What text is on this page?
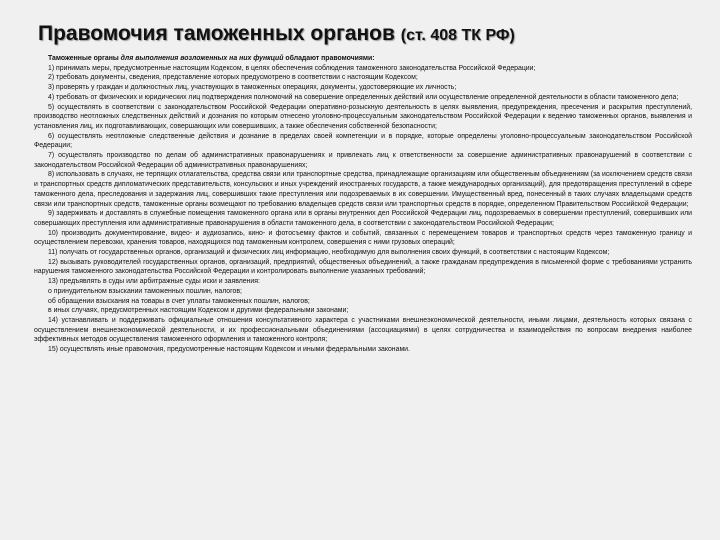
Правомочия таможенных органов (ст. 408 ТК РФ)

Таможенные органы для выполнения возложенных на них функций обладают правомочиями:

1) принимать меры, предусмотренные настоящим Кодексом, в целях обеспечения соблюдения таможенного законодательства Российской Федерации;

2) требовать документы, сведения, представление которых предусмотрено в соответствии с настоящим Кодексом;

3) проверять у граждан и должностных лиц, участвующих в таможенных операциях, документы, удостоверяющие их личность;

4) требовать от физических и юридических лиц подтверждения полномочий на совершение определенных действий или осуществление определенной деятельности в области таможенного дела;

5) осуществлять в соответствии с законодательством Российской Федерации оперативно-розыскную деятельность в целях выявления, предупреждения, пресечения и раскрытия преступлений, производство неотложных следственных действий и дознания по которым отнесено уголовно-процессуальным законодательством Российской Федерации к ведению таможенных органов, выявления и установления лиц, их подготавливающих, совершающих или совершивших, а также обеспечения собственной безопасности;

6) осуществлять неотложные следственные действия и дознание в пределах своей компетенции и в порядке, которые определены уголовно-процессуальным законодательством Российской Федерации;

7) осуществлять производство по делам об административных правонарушениях и привлекать лиц к ответственности за совершение административных правонарушений в соответствии с законодательством Российской Федерации об административных правонарушениях;

8) использовать в случаях, не терпящих отлагательства, средства связи или транспортные средства, принадлежащие организациям или общественным объединениям (за исключением средств связи и транспортных средств дипломатических представительств, консульских и иных учреждений иностранных государств, а также международных организаций), для предотвращения преступлений в сфере таможенного дела, преследования и задержания лиц, совершивших такие преступления или подозреваемых в их совершении. Имущественный вред, понесенный в таких случаях владельцами средств связи или транспортных средств, таможенные органы возмещают по требованию владельцев средств связи или транспортных средств в порядке, определенном Правительством Российской Федерации;

9) задерживать и доставлять в служебные помещения таможенного органа или в органы внутренних дел Российской Федерации лиц, подозреваемых в совершении преступлений, совершивших или совершающих преступления или административные правонарушения в области таможенного дела, в соответствии с законодательством Российской Федерации;

10) производить документирование, видео- и аудиозапись, кино- и фотосъемку фактов и событий, связанных с перемещением товаров и транспортных средств через таможенную границу и осуществлением перевозки, хранения товаров, находящихся под таможенным контролем, совершения с ними грузовых операций;

11) получать от государственных органов, организаций и физических лиц информацию, необходимую для выполнения своих функций, в соответствии с настоящим Кодексом;

12) вызывать руководителей государственных органов, организаций, предприятий, общественных объединений, а также гражданам предупреждения в письменной форме с требованиями устранить нарушения таможенного законодательства Российской Федерации и контролировать выполнение указанных требований;

13) предъявлять в суды или арбитражные суды иски и заявления:

о принудительном взыскании таможенных пошлин, налогов;

об обращении взыскания на товары в счет уплаты таможенных пошлин, налогов;

в иных случаях, предусмотренных настоящим Кодексом и другими федеральными законами;

14) устанавливать и поддерживать официальные отношения консультативного характера с участниками внешнеэкономической деятельности, иными лицами, деятельность которых связана с осуществлением внешнеэкономической деятельности, и их профессиональными объединениями (ассоциациями) в целях сотрудничества и взаимодействия по вопросам внедрения наиболее эффективных методов осуществления таможенного оформления и таможенного контроля;

15) осуществлять иные правомочия, предусмотренные настоящим Кодексом и иными федеральными законами.
